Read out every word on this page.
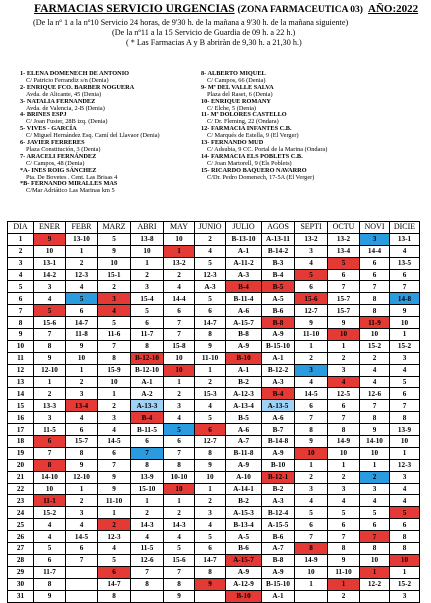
FARMACIAS SERVICIO URGENCIAS (ZONA FARMACEUTICA 03) AÑO:2022
(De la nº 1 a la nº10 Servicio 24 horas, de 9'30 h. de la mañana a 9'30 h. de la mañana siguiente)
(De la nº11 a la 15 Servicio de Guardia de 09 h. a 22 h.)
( * Las Farmacias A y B abriràn de 9,30 h. a 21,30 h.)
1- ELENA DOMENECH DE ANTONIO
C/ Patricio Ferrandiz s/n (Denia)
2- ENRIQUE FCO. BARBER NOGUERA
Avda. de Alicante, 45 (Denia)
3- NATALIA FERNANDEZ
Avda. de Valencia, 2-B (Denia)
4- BRINES ESPJ
C/ Joan Fuster, 28B izq. (Denia)
5- VIVES - GARCÍA
C/ Miguel Hernández Esq. Camí del Llavaor (Denia)
6- JAVIER FERRERES
Plaza Constitución, 3 (Denia)
7- ARACELI FERNÁNDEZ
C/ Campos, 48 (Denia)
*A- INES ROIG SÁNCHEZ
Pta. De Bovetes . Cent. Las Brisas 4
*B- FERNANDO MIRALLES MAS
C/Mar Adriático Las Marinas km 5
8- ALBERTO MIQUEL
C/ Campos, 66 (Denia)
9- Mª DEL VALLE SALVA
Plaza del Raset, 6 (Denia)
10- ENRIQUE ROMANY
C/ Elche, 5 (Denia)
11- Mª DOLORES CASTELLO
C/ Dr. Fleming, 22 (Ondara)
12- FARMACIA INFANTES C.B.
C/ Marqués de Estella, 9 (El Verger)
13- FERNANDO MUD
C/ Adsubia, 9 CC. Portal de la Marina (Ondara)
14- FARMACIA ELS POBLETS C.B.
C/ Joan Martorell, 9 (Els Poblets)
15- RICARDO BAQUERO NAVARRO
C/Dr. Pedro Domenech, 17-5A (El Verger)
DIA	ENER	FEBR	MARZ	ABRI	MAY	JUNIO	JULIO	AGOS	SEPTI	OCTU	NOVI	DICIE
1	9	13-10	5	13-8	10	2	B-13-10	A-13-11	13-2	13-2	3	13-1
2	10	1	9	10	1	4	A-1	B-14-2	3	13-4	14-4	4
3	13-1	2	10	1	13-2	5	A-11-2	B-3	4	5	6	13-5
4	14-2	12-3	15-1	2	2	12-3	A-3	B-4	5	6	6	6
5	3	4	2	3	4	A-3	B-4	B-5	6	7	7	7
6	4	5	3	15-4	14-4	5	B-11-4	A-5	15-6	15-7	8	14-8
7	5	6	4	5	6	6	A-6	B-6	12-7	15-7	8	9
8	15-6	14-7	5	6	7	14-7	A-15-7	B-8	9	9	11-9	10
9	7	11-8	11-6	11-7	7	8	B-8	A-9	11-10	10	10	1
10	8	9	7	8	15-8	9	A-9	B-15-10	1	1	15-2	15-2
11	9	10	8	B-12-10	10	11-10	B-10	A-1	2	2	2	3
12	12-10	1	15-9	B-12-10	10	1	A-1	B-12-2	3	3	4	4
13	1	2	10	A-1	1	2	B-2	A-3	4	4	4	5
14	2	3	1	A-2	2	15-3	A-12-3	B-4	14-5	12-5	12-6	6
15	13-3	13-4	2	A-13-3	3	4	A-13-4	A-13-5	6	6	7	7
16	3	4	3	B-4	4	5	B-5	A-6	7	7	8	8
17	11-5	6	4	B-11-5	5	6	A-6	B-7	8	8	9	13-9
18	6	15-7	14-5	6	6	12-7	A-7	B-14-8	9	14-9	14-10	10
19	7	8	6	7	7	8	B-11-8	A-9	10	10	10	1
20	8	9	7	8	8	9	A-9	B-10	1	1	1	12-3
21	14-10	12-10	9	13-9	10-10	10	A-10	B-12-1	2	2	2	3
22	10	1	9	15-10	10	1	A-14-1	B-2	3	3	3	4
23	11-1	2	11-10	1	1	2	B-2	A-3	4	4	4	4
24	15-2	3	1	2	2	3	A-15-3	B-12-4	5	5	5	5
25	4	4	2	14-3	14-3	4	B-13-4	A-15-5	6	6	6	6
26	4	14-5	12-3	4	4	5	A-5	B-6	7	7	7	8
27	5	6	4	11-5	5	6	B-6	A-7	8	8	8	8
28	6	7	5	12-6	15-6	14-7	A-15-7	B-8	14-9	9	10	10
29	11-7		6	7	7	8	A-9	A-9	10	11-10	1	1
30	8		14-7	8	8	9	A-12-9	B-15-10	1	1	12-2	15-2
31	9		8		9		B-10	A-1		2		3
